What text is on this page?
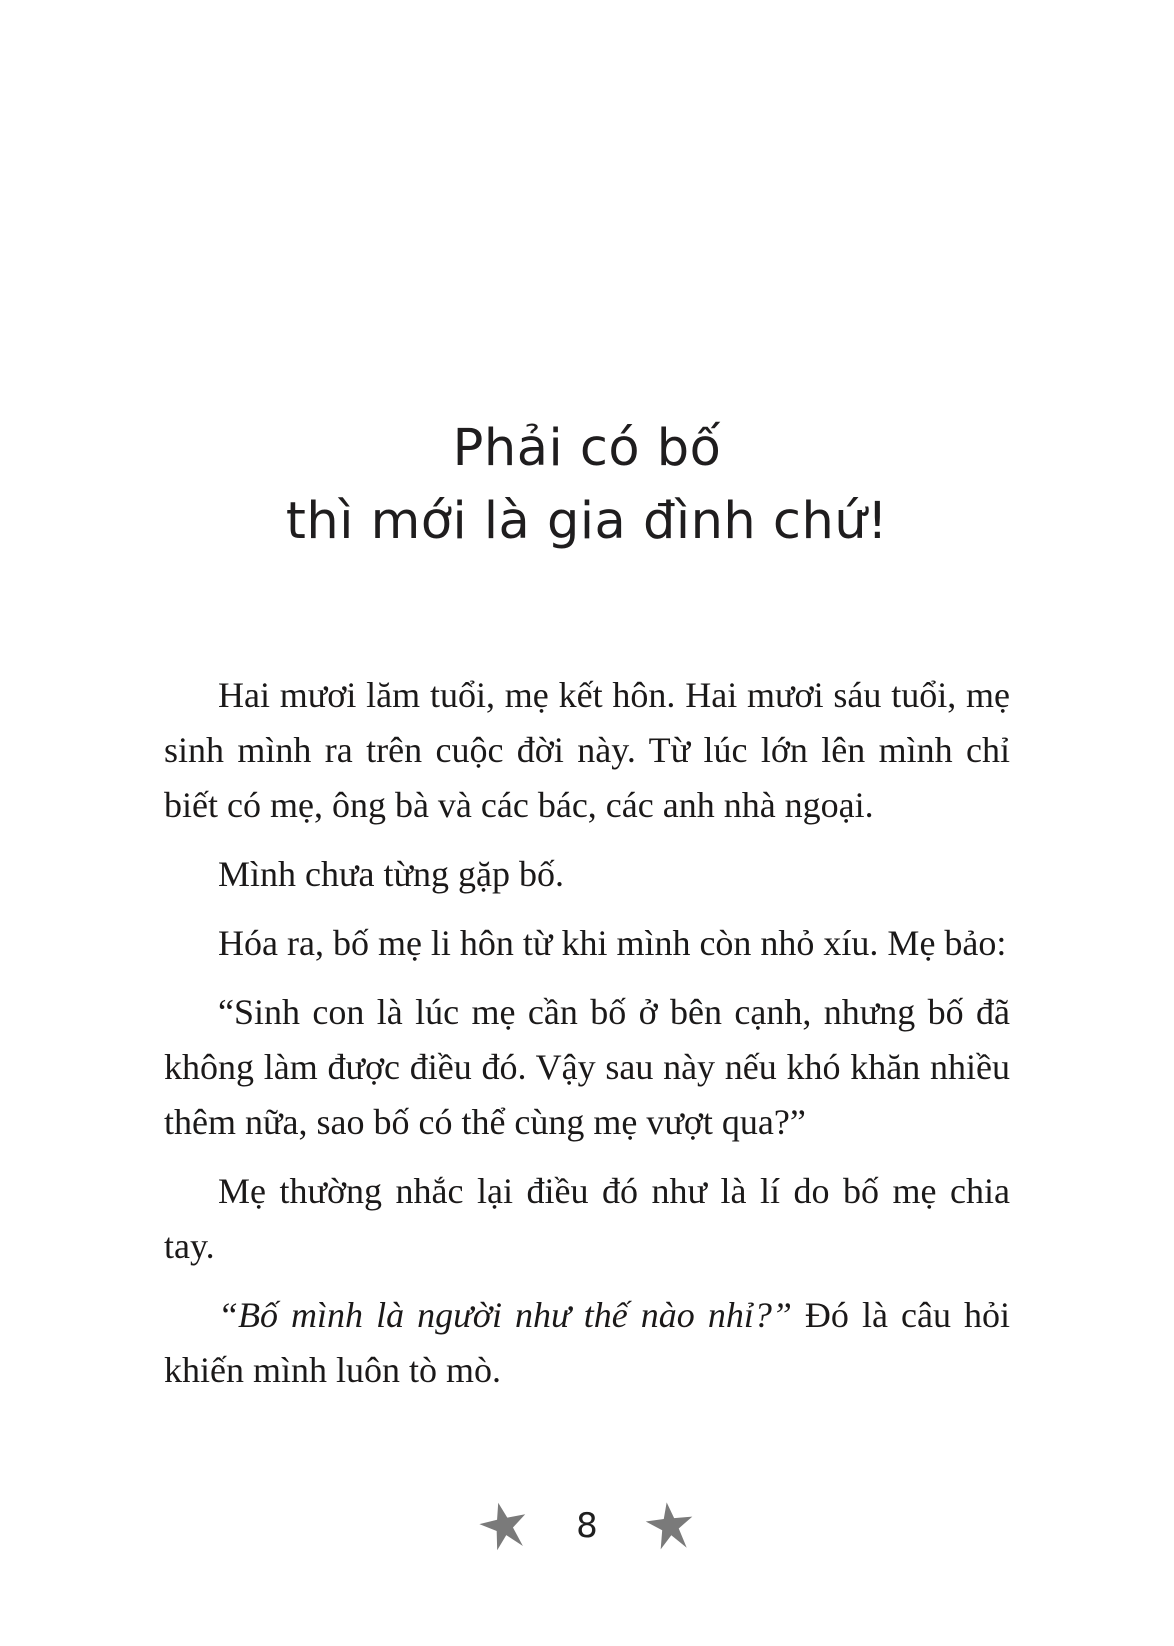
Phải có bố
thì mới là gia đình chứ!

Hai mươi lăm tuổi, mẹ kết hôn. Hai mươi sáu tuổi, mẹ sinh mình ra trên cuộc đời này. Từ lúc lớn lên mình chỉ biết có mẹ, ông bà và các bác, các anh nhà ngoại.

Mình chưa từng gặp bố.

Hóa ra, bố mẹ li hôn từ khi mình còn nhỏ xíu. Mẹ bảo:

“Sinh con là lúc mẹ cần bố ở bên cạnh, nhưng bố đã không làm được điều đó. Vậy sau này nếu khó khăn nhiều thêm nữa, sao bố có thể cùng mẹ vượt qua?”

Mẹ thường nhắc lại điều đó như là lí do bố mẹ chia tay.

“Bố mình là người như thế nào nhỉ?” Đó là câu hỏi khiến mình luôn tò mò.

8
